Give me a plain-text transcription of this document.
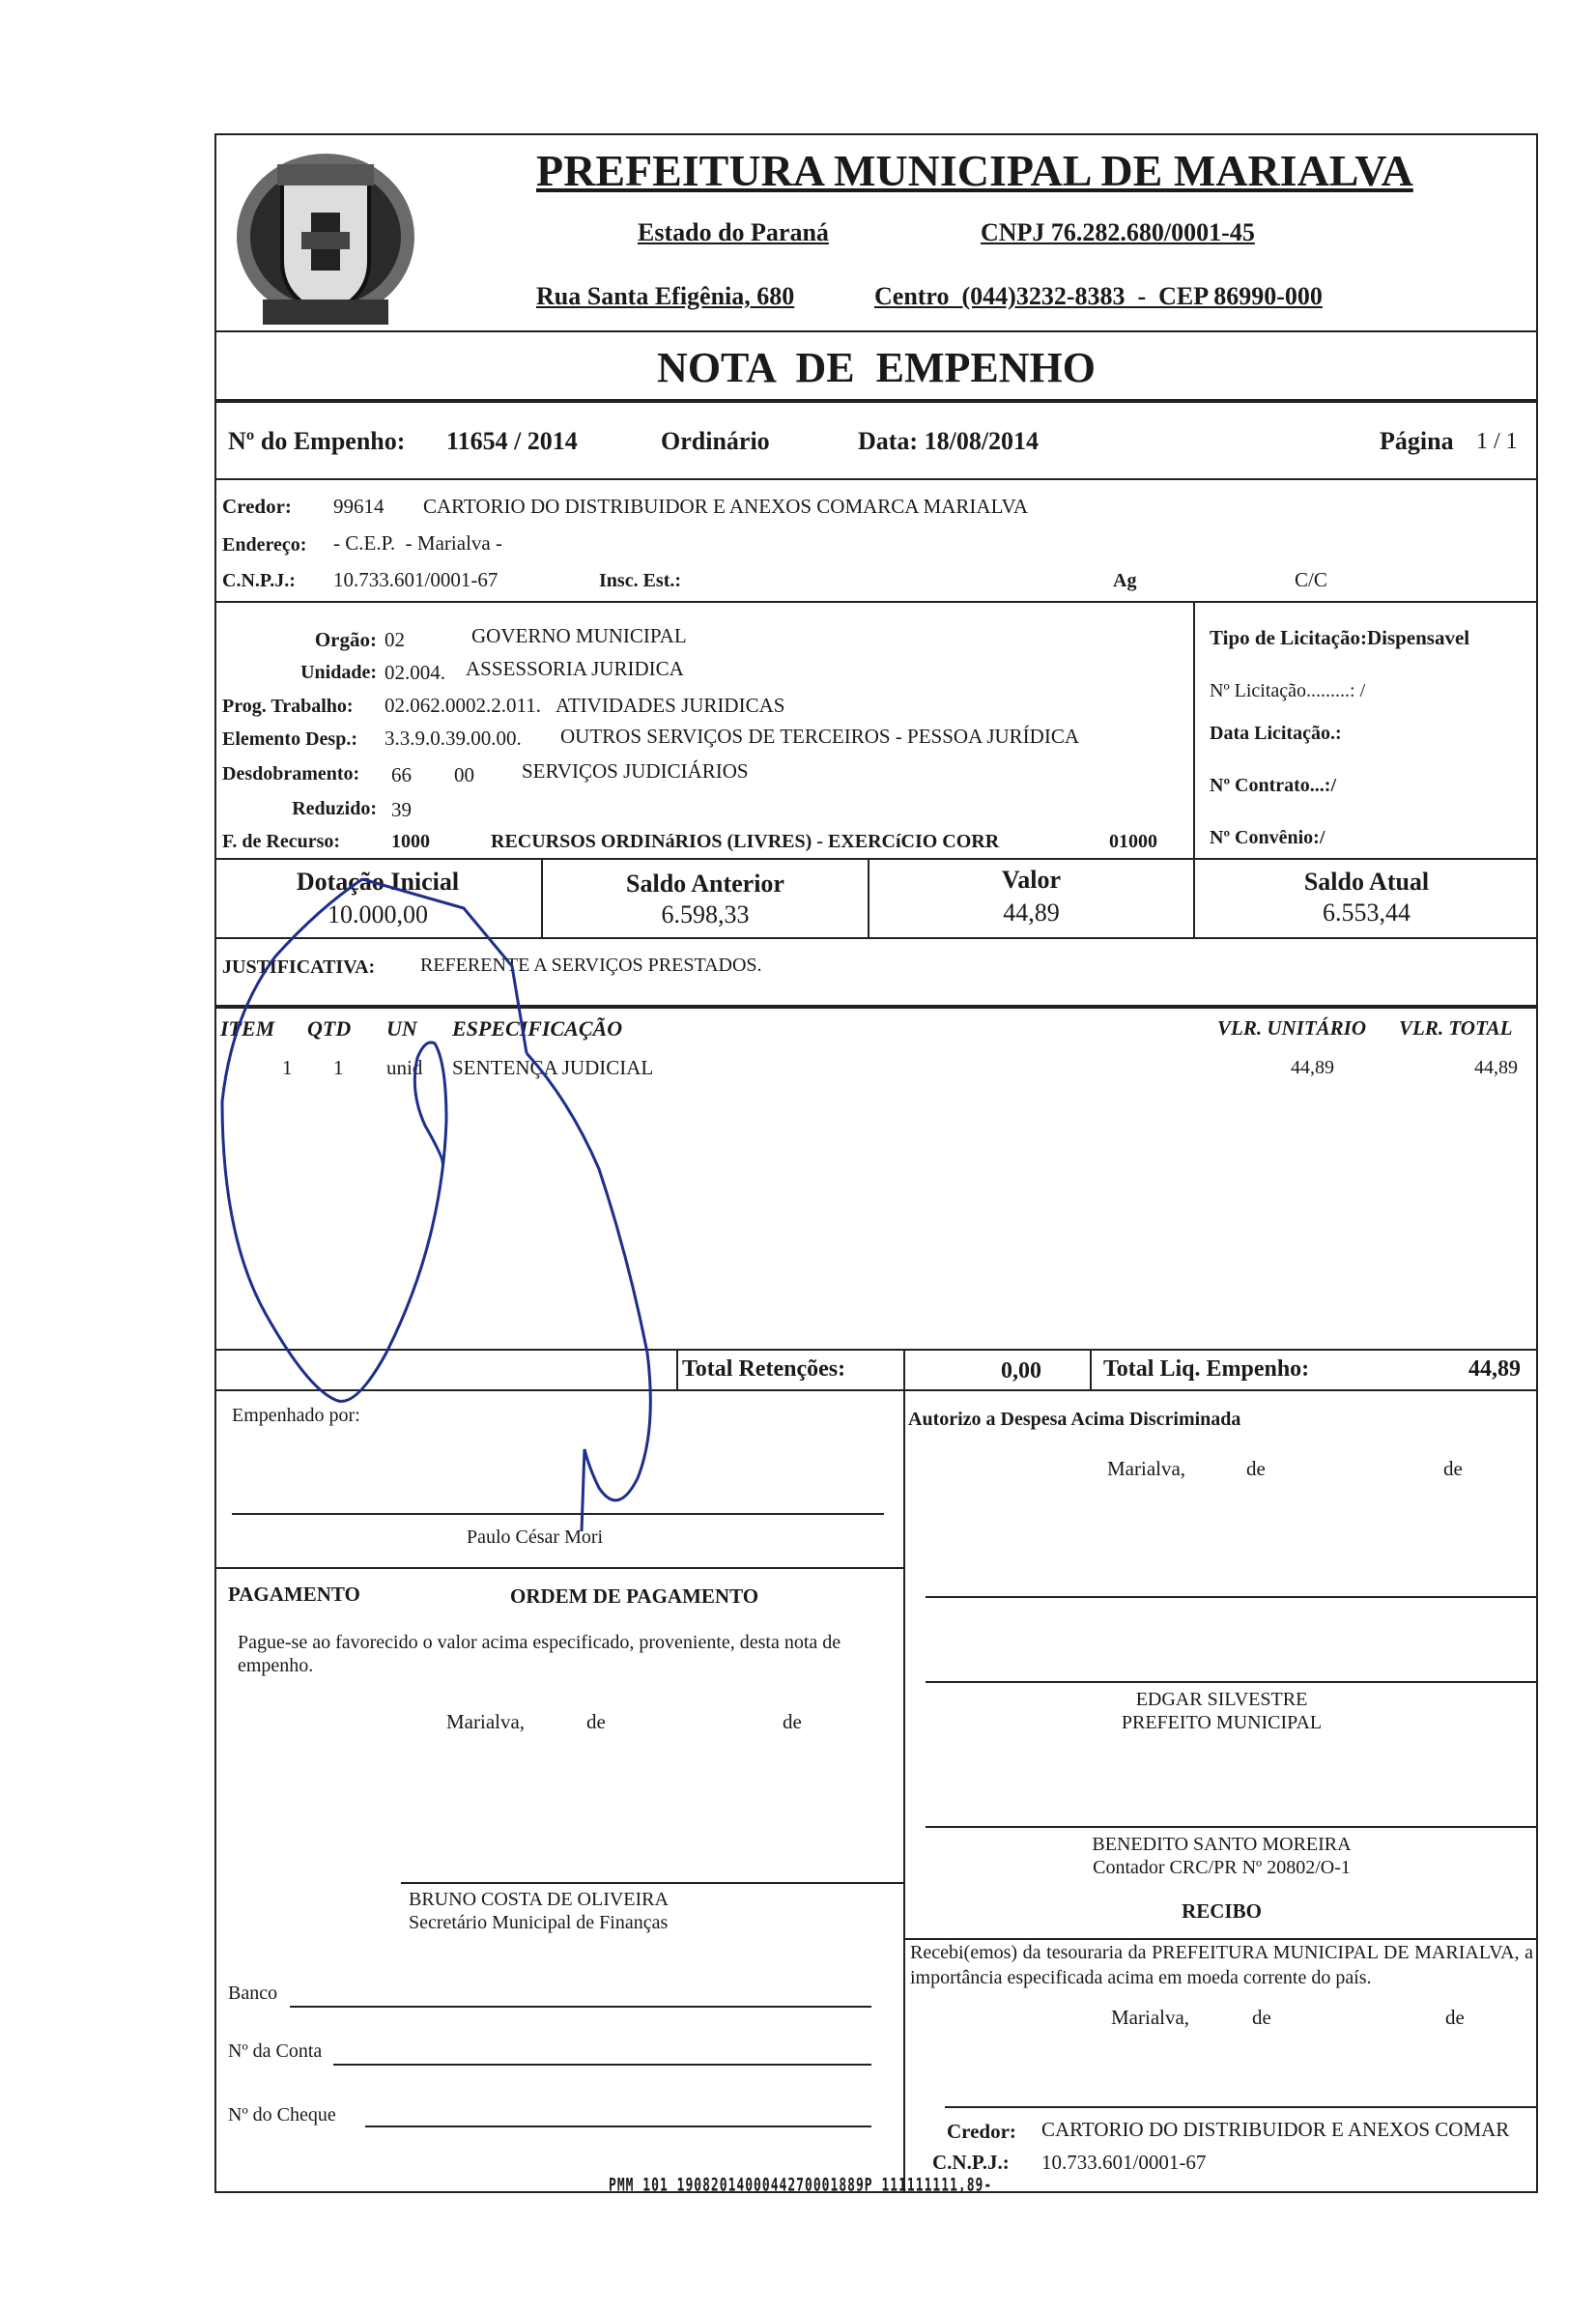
PREFEITURA MUNICIPAL DE MARIALVA
Estado do Paraná	CNPJ 76.282.680/0001-45
Rua Santa Efigênia, 680	Centro  (044)3232-8383  -  CEP 86990-000
NOTA  DE  EMPENHO
Nº do Empenho: 11654 / 2014	Ordinário	Data: 18/08/2014	Página 1 / 1
Credor: 99614 CARTORIO DO DISTRIBUIDOR E ANEXOS COMARCA MARIALVA
Endereço: - C.E.P.  - Marialva -
C.N.P.J.: 10.733.601/0001-67	Insc. Est.:	Ag	C/C
Orgão: 02	GOVERNO MUNICIPAL
Unidade: 02.004. ASSESSORIA JURIDICA
Prog. Trabalho: 02.062.0002.2.011. ATIVIDADES JURIDICAS
Elemento Desp.: 3.3.9.0.39.00.00. OUTROS SERVIÇOS DE TERCEIROS - PESSOA JURÍDICA
Desdobramento: 66 00 SERVIÇOS JUDICIÁRIOS
Reduzido: 39
F. de Recurso:	1000	RECURSOS ORDINáRIOS (LIVRES) - EXERCíCIO CORR	01000
Tipo de Licitação:Dispensavel
Nº Licitação.........: /
Data Licitação.:
Nº Contrato...:/
Nº Convênio:/
Dotação Inicial
10.000,00
Saldo Anterior
6.598,33
Valor
44,89
Saldo Atual
6.553,44
JUSTIFICATIVA: REFERENTE A SERVIÇOS PRESTADOS.
ITEM QTD UN ESPECIFICAÇÃO	VLR. UNITÁRIO VLR. TOTAL
1 1 unid SENTENÇA JUDICIAL	44,89	44,89
Total Retenções:	0,00	Total Liq. Empenho:	44,89
Empenhado por:
Paulo César Mori
Autorizo a Despesa Acima Discriminada
Marialva,	de	de
PAGAMENTO	ORDEM DE PAGAMENTO
Pague-se ao favorecido o valor acima especificado, proveniente, desta nota de empenho.
Marialva,	de	de
EDGAR SILVESTRE
PREFEITO MUNICIPAL
BENEDITO SANTO MOREIRA
Contador CRC/PR Nº 20802/O-1
BRUNO COSTA DE OLIVEIRA
Secretário Municipal de Finanças	RECIBO
Recebi(emos) da tesouraria da PREFEITURA MUNICIPAL DE MARIALVA, a importância especificada acima em moeda corrente do país.
Marialva,	de	de
Banco
Nº da Conta
Nº do Cheque
Credor: CARTORIO DO DISTRIBUIDOR E ANEXOS COMAR
C.N.P.J.: 10.733.601/0001-67
PMM 101 1908201400044270001889P 111111111,89-
